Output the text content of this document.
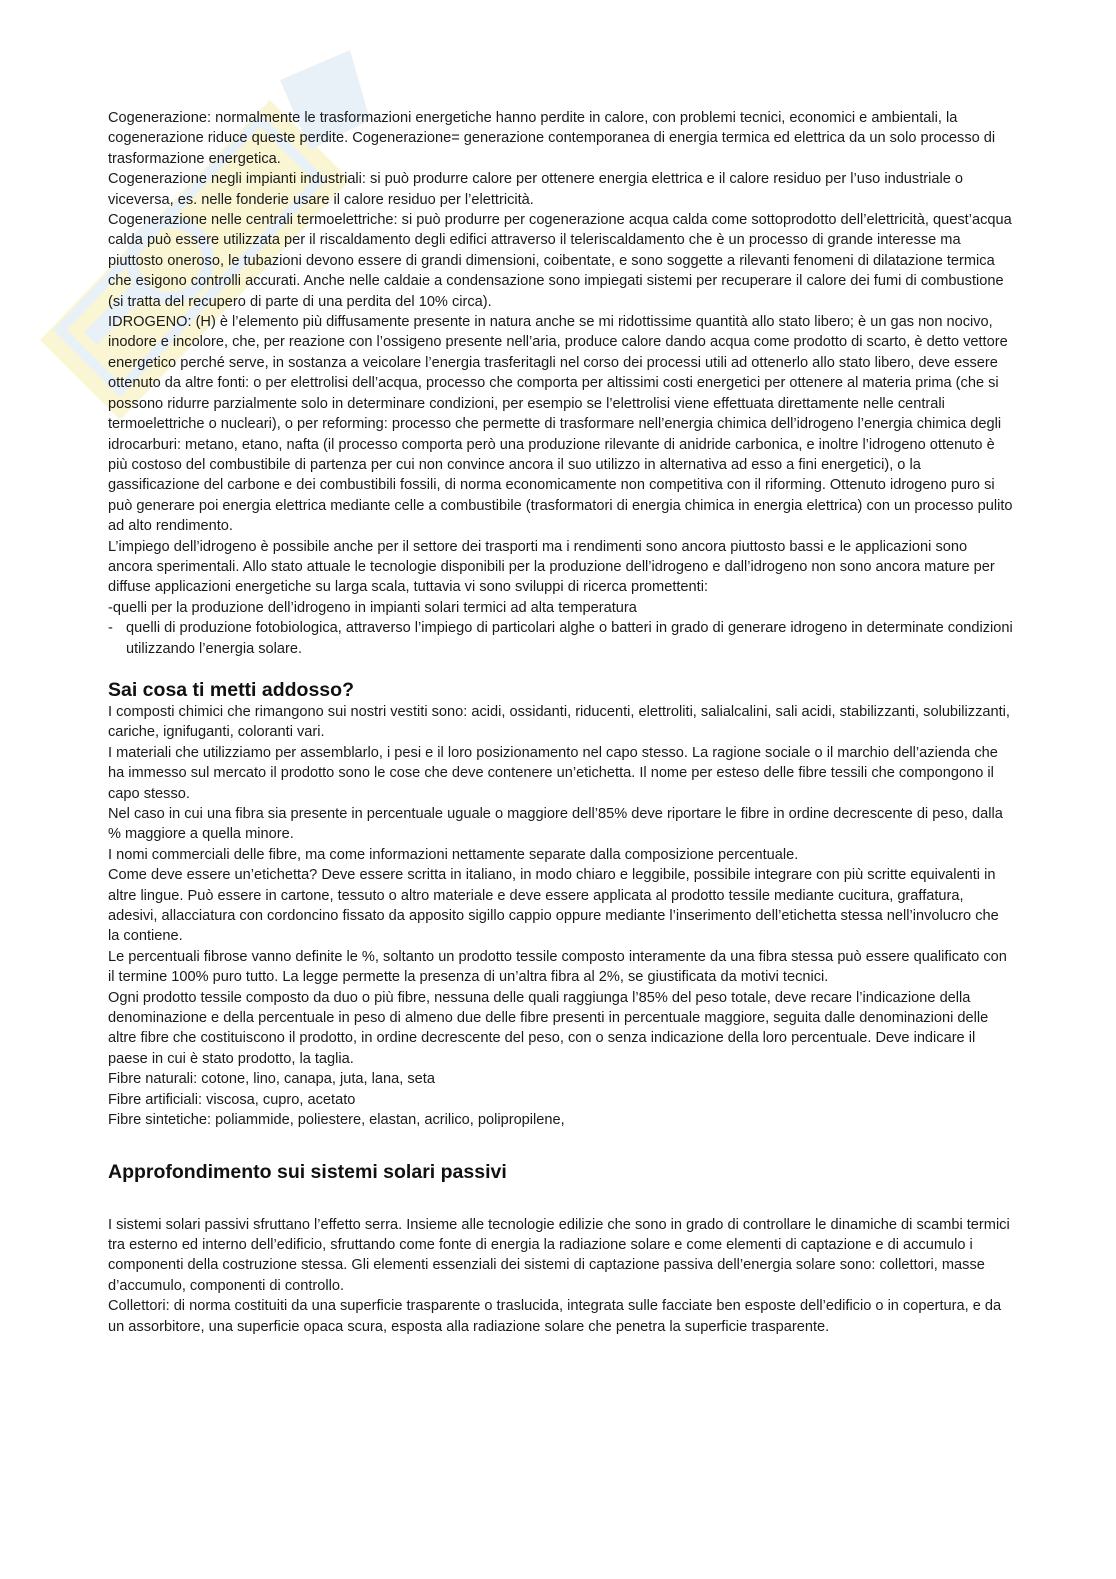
Cogenerazione: normalmente le trasformazioni energetiche hanno perdite in calore, con problemi tecnici, economici e ambientali, la cogenerazione riduce queste perdite. Cogenerazione= generazione contemporanea di energia termica ed elettrica da un solo processo di trasformazione energetica.

Cogenerazione negli impianti industriali: si può produrre calore per ottenere energia elettrica e il calore residuo per l’uso industriale o viceversa, es. nelle fonderie usare il calore residuo per l’elettricità.

Cogenerazione nelle centrali termoelettriche: si può produrre per cogenerazione acqua calda come sottoprodotto dell’elettricità, quest’acqua calda può essere utilizzata per il riscaldamento degli edifici attraverso il teleriscaldamento che è un processo di grande interesse ma piuttosto oneroso, le tubazioni devono essere di grandi dimensioni, coibentate, e sono soggette a rilevanti fenomeni di dilatazione termica che esigono controlli accurati. Anche nelle caldaie a condensazione sono impiegati sistemi per recuperare il calore dei fumi di combustione (si tratta del recupero di parte di una perdita del 10% circa).

IDROGENO: (H) è l’elemento più diffusamente presente in natura anche se mi ridottissime quantità allo stato libero; è un gas non nocivo, inodore e incolore, che, per reazione con l’ossigeno presente nell’aria, produce calore dando acqua come prodotto di scarto, è detto vettore energetico perché serve, in sostanza a veicolare l’energia trasferitagli nel corso dei processi utili ad ottenerlo allo stato libero, deve essere ottenuto da altre fonti: o per elettrolisi dell’acqua, processo che comporta per altissimi costi energetici per ottenere al materia prima (che si possono ridurre parzialmente solo in determinare condizioni, per esempio se l’elettrolisi viene effettuata direttamente nelle centrali termoelettriche o nucleari), o per reforming: processo che permette di trasformare nell’energia chimica dell’idrogeno l’energia chimica degli idrocarburi: metano, etano, nafta (il processo comporta però una produzione rilevante di anidride carbonica, e inoltre l’idrogeno ottenuto è più costoso del combustibile di partenza per cui non convince ancora il suo utilizzo in alternativa ad esso a fini energetici), o la gassificazione del carbone e dei combustibili fossili, di norma economicamente non competitiva con il riforming. Ottenuto idrogeno puro si può generare poi energia elettrica mediante celle a combustibile (trasformatori di energia chimica in energia elettrica) con un processo pulito ad alto rendimento.

L’impiego dell’idrogeno è possibile anche per il settore dei trasporti ma i rendimenti sono ancora piuttosto bassi e le applicazioni sono ancora sperimentali. Allo stato attuale le tecnologie disponibili per la produzione dell’idrogeno e dall’idrogeno non sono ancora mature per diffuse applicazioni energetiche su larga scala, tuttavia vi sono sviluppi di ricerca promettenti:

-quelli per la produzione dell’idrogeno in impianti solari termici ad alta temperatura

- quelli di produzione fotobiologica, attraverso l’impiego di particolari alghe o batteri in grado di generare idrogeno in determinate condizioni utilizzando l’energia solare.
Sai cosa ti metti addosso?

I composti chimici che rimangono sui nostri vestiti sono: acidi, ossidanti, riducenti, elettroliti, salialcalini, sali acidi, stabilizzanti, solubilizzanti, cariche, ignifuganti, coloranti vari.

I materiali che utilizziamo per assemblarlo, i pesi e il loro posizionamento nel capo stesso. La ragione sociale o il marchio dell’azienda che ha immesso sul mercato il prodotto sono le cose che deve contenere un’etichetta. Il nome per esteso delle fibre tessili che compongono il capo stesso.

Nel caso in cui una fibra sia presente in percentuale uguale o maggiore dell’85% deve riportare le fibre in ordine decrescente di peso, dalla % maggiore a quella minore.

I nomi commerciali delle fibre, ma come informazioni nettamente separate dalla composizione percentuale.

Come deve essere un’etichetta? Deve essere scritta in italiano, in modo chiaro e leggibile, possibile integrare con più scritte equivalenti in altre lingue. Può essere in cartone, tessuto o altro materiale e deve essere applicata al prodotto tessile mediante cucitura, graffatura, adesivi, allacciatura con cordoncino fissato da apposito sigillo cappio oppure mediante l’inserimento dell’etichetta stessa nell’involucro che la contiene.

Le percentuali fibrose vanno definite le %, soltanto un prodotto tessile composto interamente da una fibra stessa può essere qualificato con il termine 100% puro tutto. La legge permette la presenza di un’altra fibra al 2%, se giustificata da motivi tecnici.

Ogni prodotto tessile composto da duo o più fibre, nessuna delle quali raggiunga l’85% del peso totale, deve recare l’indicazione della denominazione e della percentuale in peso di almeno due delle fibre presenti in percentuale maggiore, seguita dalle denominazioni delle altre fibre che costituiscono il prodotto, in ordine decrescente del peso, con o senza indicazione della loro percentuale. Deve indicare il paese in cui è stato prodotto, la taglia.

Fibre naturali: cotone, lino, canapa, juta, lana, seta

Fibre artificiali: viscosa, cupro, acetato

Fibre sintetiche: poliammide, poliestere, elastan, acrilico, polipropilene,

Approfondimento sui sistemi solari passivi

I sistemi solari passivi sfruttano l’effetto serra. Insieme alle tecnologie edilizie che sono in grado di controllare le dinamiche di scambi termici tra esterno ed interno dell’edificio, sfruttando come fonte di energia la radiazione solare e come elementi di captazione e di accumulo i componenti della costruzione stessa. Gli elementi essenziali dei sistemi di captazione passiva dell’energia solare sono: collettori, masse d’accumulo, componenti di controllo.

Collettori: di norma costituiti da una superficie trasparente o traslucida, integrata sulle facciate ben esposte dell’edificio o in copertura, e da un assorbitore, una superficie opaca scura, esposta alla radiazione solare che penetra la superficie trasparente.
